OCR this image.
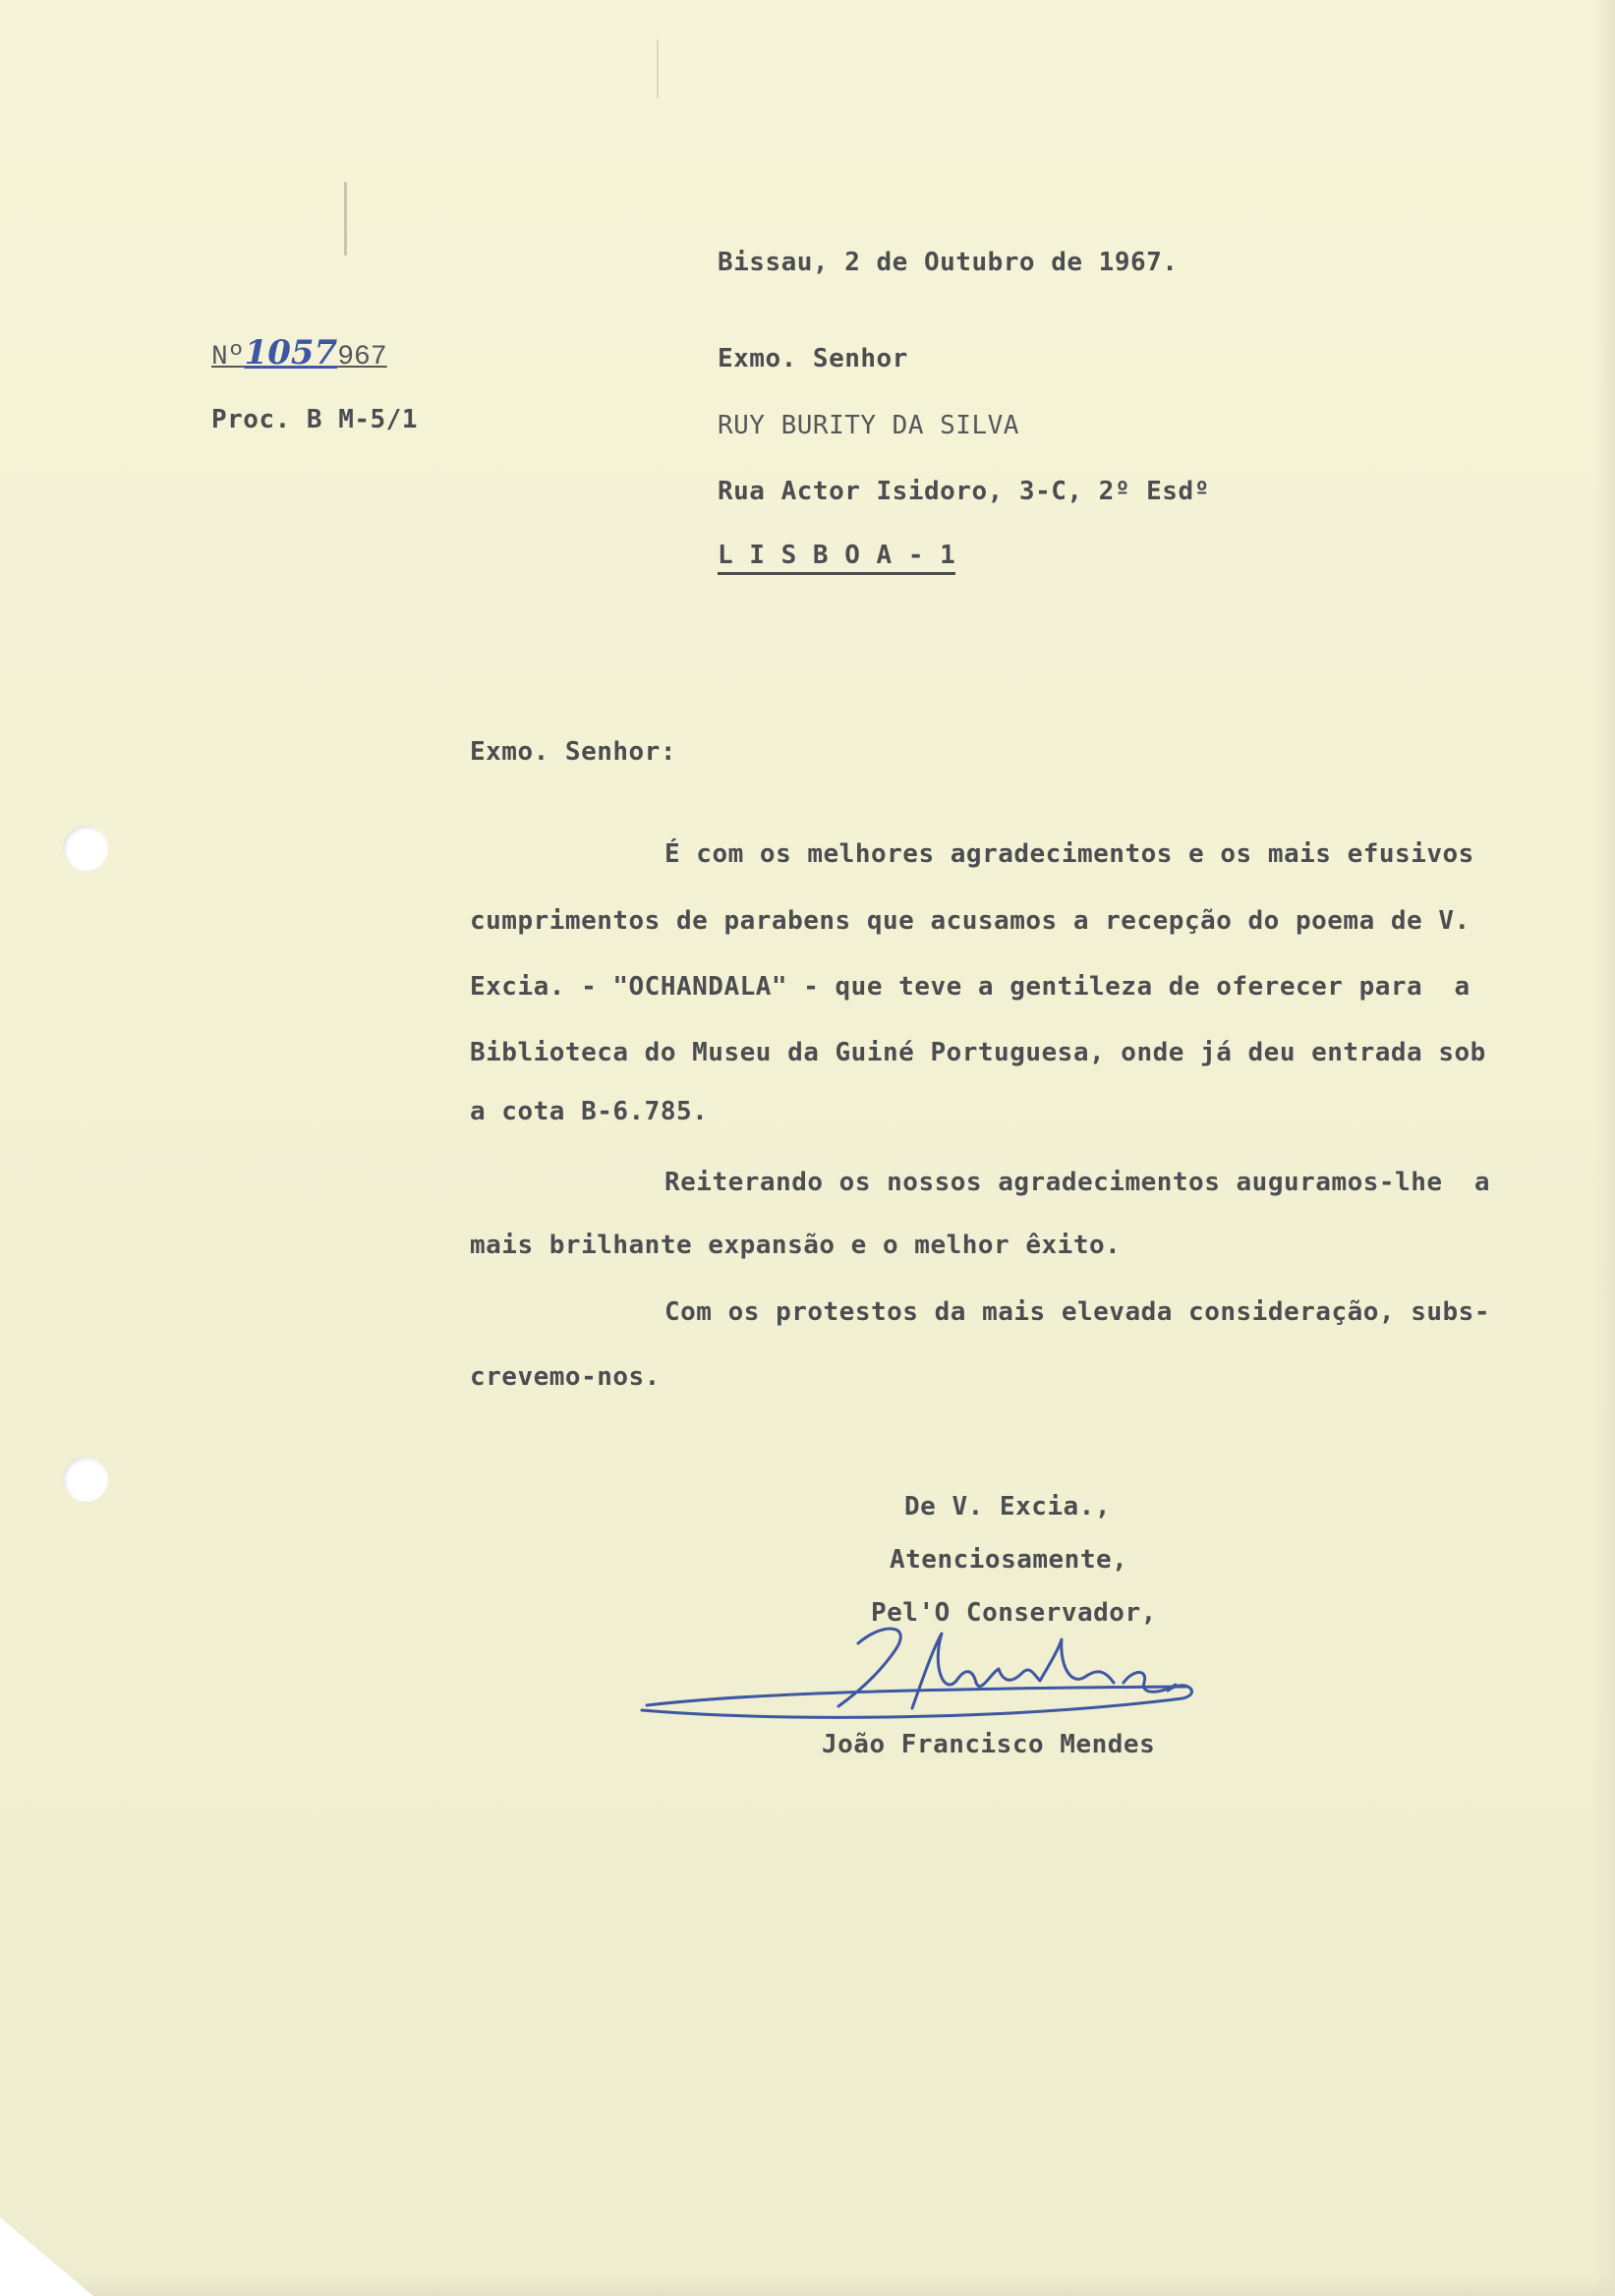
Bissau, 2 de Outubro de 1967.
Nº1057967
Proc. B M-5/1
Exmo. Senhor
RUY BURITY DA SILVA
Rua Actor Isidoro, 3-C, 2º Esdº
L I S B O A - 1
Exmo. Senhor:
É com os melhores agradecimentos e os mais efusivos
cumprimentos de parabens que acusamos a recepção do poema de V.
Excia. - "OCHANDALA" - que teve a gentileza de oferecer para  a
Biblioteca do Museu da Guiné Portuguesa, onde já deu entrada sob
a cota B-6.785.
Reiterando os nossos agradecimentos auguramos-lhe  a
mais brilhante expansão e o melhor êxito.
Com os protestos da mais elevada consideração, subs-
crevemo-nos.
De V. Excia.,
Atenciosamente,
Pel'O Conservador,
João Francisco Mendes
